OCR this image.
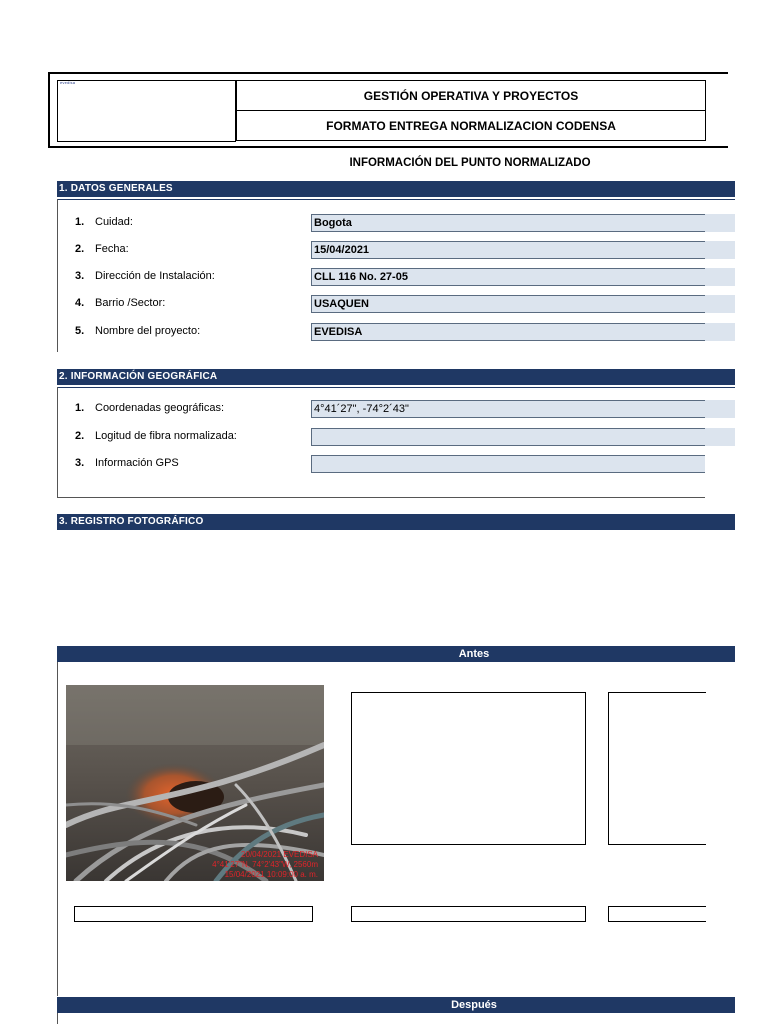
evedisa
GESTIÓN OPERATIVA Y PROYECTOS
FORMATO ENTREGA NORMALIZACION CODENSA
INFORMACIÓN DEL PUNTO NORMALIZADO
1. DATOS GENERALES
1. Cuidad:	Bogota
2. Fecha:	15/04/2021
3. Dirección de Instalación:	CLL 116 No. 27-05
4. Barrio /Sector:	USAQUEN
5. Nombre del proyecto:	EVEDISA
2. INFORMACIÓN GEOGRÁFICA
1. Coordenadas geográficas:	4°41´27", -74°2´43"
2. Logitud de fibra normalizada:
3. Información GPS
3. REGISTRO FOTOGRÁFICO
Antes
20/04/2021 EVEDISA
4°41'27"N, 74°2'43"W, 2560m
15/04/2021 10:09:00 a. m.
Después
